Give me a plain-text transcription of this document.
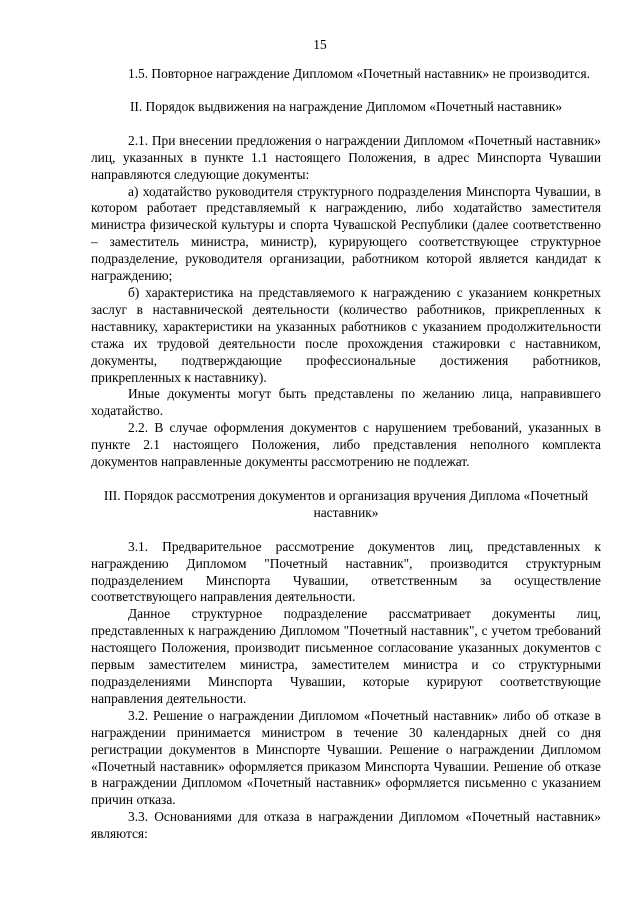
15

1.5. Повторное награждение Дипломом «Почетный наставник» не производится.

II. Порядок выдвижения на награждение Дипломом «Почетный наставник»

2.1. При внесении предложения о награждении Дипломом «Почетный наставник» лиц, указанных в пункте 1.1 настоящего Положения, в адрес Минспорта Чувашии направляются следующие документы:

а) ходатайство руководителя структурного подразделения Минспорта Чувашии, в котором работает представляемый к награждению, либо ходатайство заместителя министра физической культуры и спорта Чувашской Республики (далее соответственно – заместитель министра, министр), курирующего соответствующее структурное подразделение, руководителя организации, работником которой является кандидат к награждению;

б) характеристика на представляемого к награждению с указанием конкретных заслуг в наставнической деятельности (количество работников, прикрепленных к наставнику, характеристики на указанных работников с указанием продолжительности стажа их трудовой деятельности после прохождения стажировки с наставником, документы, подтверждающие профессиональные достижения работников, прикрепленных к наставнику).

Иные документы могут быть представлены по желанию лица, направившего ходатайство.

2.2. В случае оформления документов с нарушением требований, указанных в пункте 2.1 настоящего Положения, либо представления неполного комплекта документов направленные документы рассмотрению не подлежат.

III. Порядок рассмотрения документов и организация вручения Диплома «Почетный наставник»

3.1. Предварительное рассмотрение документов лиц, представленных к награждению Дипломом "Почетный наставник", производится структурным подразделением Минспорта Чувашии, ответственным за осуществление соответствующего направления деятельности.

Данное структурное подразделение рассматривает документы лиц, представленных к награждению Дипломом "Почетный наставник", с учетом требований настоящего Положения, производит письменное согласование указанных документов с первым заместителем министра, заместителем министра и со структурными подразделениями Минспорта Чувашии, которые курируют соответствующие направления деятельности.

3.2. Решение о награждении Дипломом «Почетный наставник» либо об отказе в награждении принимается министром в течение 30 календарных дней со дня регистрации документов в Минспорте Чувашии. Решение о награждении Дипломом «Почетный наставник» оформляется приказом Минспорта Чувашии. Решение об отказе в награждении Дипломом «Почетный наставник» оформляется письменно с указанием причин отказа.

3.3. Основаниями для отказа в награждении Дипломом «Почетный наставник» являются:
